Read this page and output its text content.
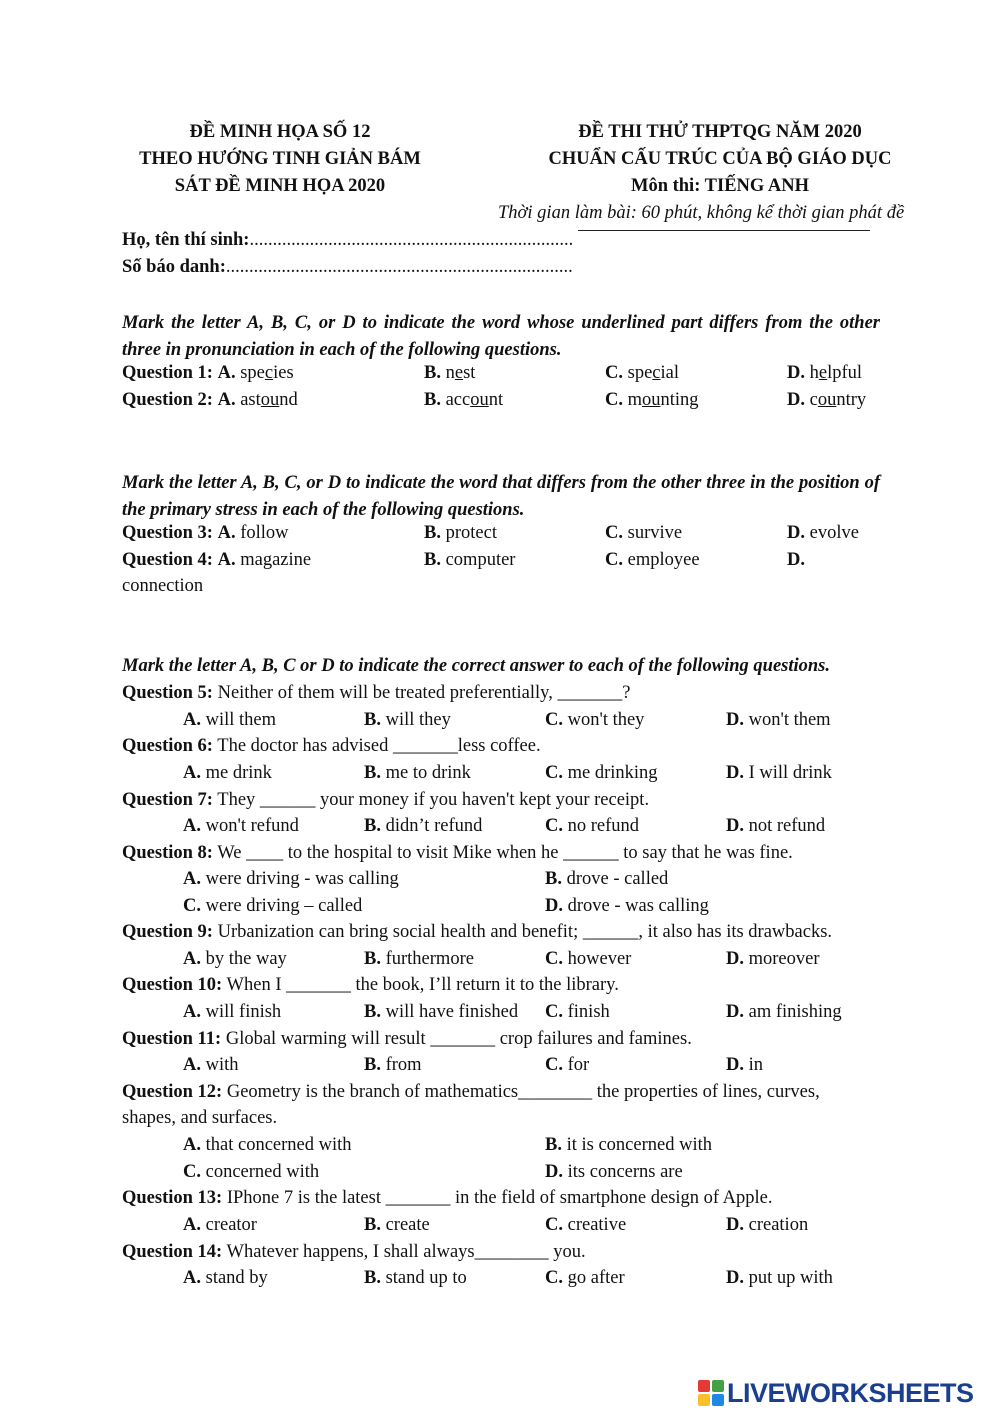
ĐỀ MINH HỌA SỐ 12
THEO HƯỚNG TINH GIẢN BÁM
SÁT ĐỀ MINH HỌA 2020
ĐỀ THI THỬ THPTQG NĂM 2020
CHUẨN CẤU TRÚC CỦA BỘ GIÁO DỤC
Môn thi: TIẾNG ANH
Thời gian làm bài: 60 phút, không kể thời gian phát đề
Họ, tên thí sinh:......................................................................
Số báo danh:...........................................................................
Mark the letter A, B, C, or D to indicate the word whose underlined part differs from the other three in pronunciation in each of the following questions.
Question 1: A. species	B. nest	C. special	D. helpful
Question 2: A. astound	B. account	C. mounting	D. country
Mark the letter A, B, C, or D to indicate the word that differs from the other three in the position of the primary stress in each of the following questions.
Question 3: A. follow	B. protect	C. survive	D. evolve
Question 4: A. magazine	B. computer	C. employee	D.
connection
Mark the letter A, B, C or D to indicate the correct answer to each of the following questions.
Question 5: Neither of them will be treated preferentially, _______?
A. will them	B. will they	C. won't they	D. won't them
Question 6: The doctor has advised _______less coffee.
A. me drink	B. me to drink	C. me drinking	D. I will drink
Question 7: They ______ your money if you haven't kept your receipt.
A. won't refund	B. didn’t refund	C. no refund	D. not refund
Question 8: We ____ to the hospital to visit Mike when he ______ to say that he was fine.
A. were driving - was calling	B. drove - called
C. were driving – called	D. drove - was calling
Question 9: Urbanization can bring social health and benefit; ______, it also has its drawbacks.
A. by the way	B. furthermore	C. however	D. moreover
Question 10: When I _______ the book, I’ll return it to the library.
A. will finish	B. will have finished C. finish	D. am finishing
Question 11: Global warming will result _______ crop failures and famines.
A. with	B. from	C. for	D. in
Question 12: Geometry is the branch of mathematics________ the properties of lines, curves,
shapes, and surfaces.
A. that concerned with	B. it is concerned with
C. concerned with	D. its concerns are
Question 13: IPhone 7 is the latest _______ in the field of smartphone design of Apple.
A. creator	B. create	C. creative	D. creation
Question 14: Whatever happens, I shall always________ you.
A. stand by	B. stand up to	C. go after	D. put up with
LIVEWORKSHEETS
